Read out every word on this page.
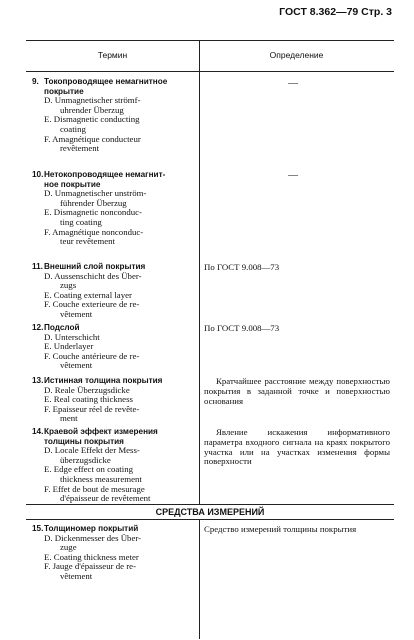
ГОСТ 8.362—79 Стр. 3
Термин	Определение
9. Токопроводящее немагнитное
покрытие
D. Unmagnetischer strömf-
uhrender Überzug
E. Dismagnetic conducting
coating
F. Amagnétique conducteur
revêtement
—
10.Нетокопроводящее немагнит-
ное покрытие
D. Unmagnetischer unström-
führender Überzug
E. Dismagnetic nonconduc-
ting coating
F. Amagnétique nonconduc-
teur revêtement
—
11.Внешний слой покрытия
D. Aussenschicht des Über-
zugs
E. Coating external layer
F. Couche exterieure de re-
vêtement
По ГОСТ 9.008—73
12.Подслой
D. Unterschicht
E. Underlayer
F. Couche antérieure de re-
vêtement
По ГОСТ 9.008—73
13.Истинная толщина покрытия
D. Reale Überzugsdicke
E. Real coating thickness
F. Epaisseur réel de revête-
ment
Кратчайшее расстояние между поверхностью покрытия в заданной точке и поверхностью основания
14.Краевой эффект измерения
толщины покрытия
D. Locale Effekt der Mess-
überzugsdicke
E. Edge effect on coating
thickness measurement
F. Effet de bout de mesurage
d'épaisseur de revêtement
Явление искажения информативного параметра входного сигнала на краях покрытого участка или на участках изменения формы поверхности
СРЕДСТВА ИЗМЕРЕНИЙ
15.Толщиномер покрытий
D. Dickenmesser des Über-
zuge
E. Coating thickness meter
F. Jauge d'épaisseur de re-
vêtement
Средство измерений толщины покрытия
